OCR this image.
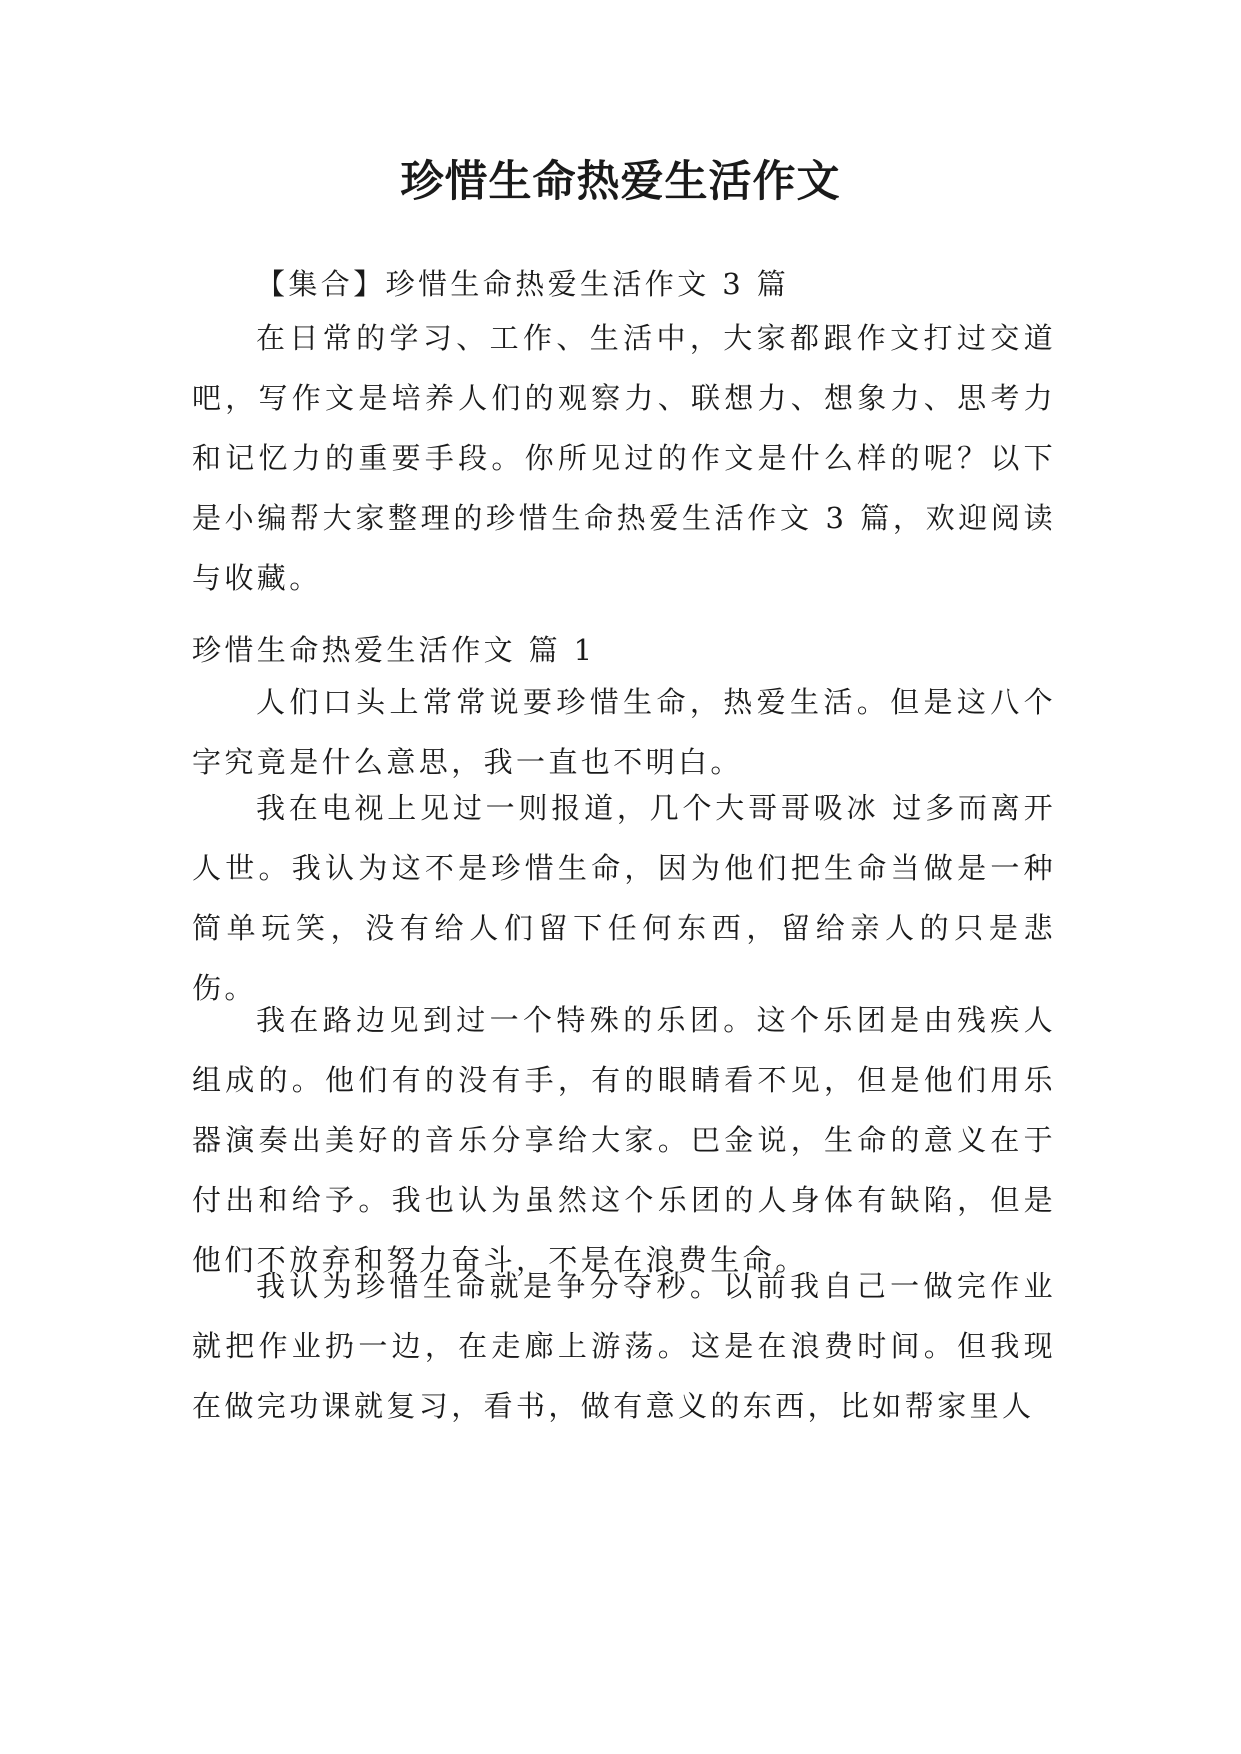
珍惜生命热爱生活作文

【集合】珍惜生命热爱生活作文 3 篇

在日常的学习、工作、生活中，大家都跟作文打过交道吧，写作文是培养人们的观察力、联想力、想象力、思考力和记忆力的重要手段。你所见过的作文是什么样的呢？以下是小编帮大家整理的珍惜生命热爱生活作文 3 篇，欢迎阅读与收藏。

珍惜生命热爱生活作文 篇 1

人们口头上常常说要珍惜生命，热爱生活。但是这八个字究竟是什么意思，我一直也不明白。

我在电视上见过一则报道，几个大哥哥吸冰 过多而离开人世。我认为这不是珍惜生命，因为他们把生命当做是一种简单玩笑，没有给人们留下任何东西，留给亲人的只是悲伤。

我在路边见到过一个特殊的乐团。这个乐团是由残疾人组成的。他们有的没有手，有的眼睛看不见，但是他们用乐器演奏出美好的音乐分享给大家。巴金说，生命的意义在于付出和给予。我也认为虽然这个乐团的人身体有缺陷，但是他们不放弃和努力奋斗，不是在浪费生命。

我认为珍惜生命就是争分夺秒。以前我自己一做完作业就把作业扔一边，在走廊上游荡。这是在浪费时间。但我现在做完功课就复习，看书，做有意义的东西，比如帮家里人
